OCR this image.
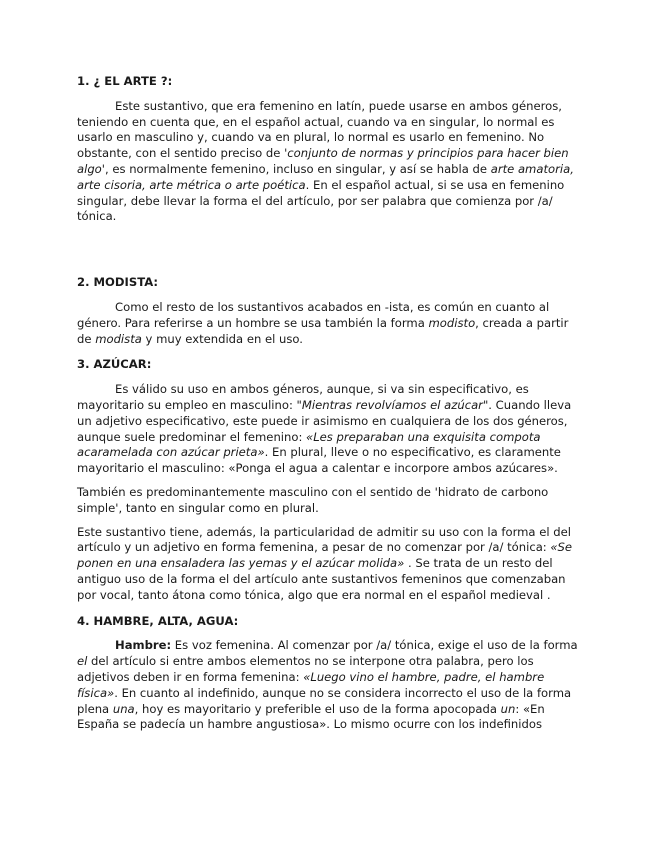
1. ¿ EL ARTE ?:

Este sustantivo, que era femenino en latín, puede usarse en ambos géneros, teniendo en cuenta que, en el español actual, cuando va en singular, lo normal es usarlo en masculino y, cuando va en plural, lo normal es usarlo en femenino. No obstante, con el sentido preciso de 'conjunto de normas y principios para hacer bien algo', es normalmente femenino, incluso en singular, y así se habla de arte amatoria, arte cisoria, arte métrica o arte poética. En el español actual, si se usa en femenino singular, debe llevar la forma el del artículo, por ser palabra que comienza por /a/ tónica.

2. MODISTA:

Como el resto de los sustantivos acabados en -ista, es común en cuanto al género. Para referirse a un hombre se usa también la forma modisto, creada a partir de modista y muy extendida en el uso.

3. AZÚCAR:

Es válido su uso en ambos géneros, aunque, si va sin especificativo, es mayoritario su empleo en masculino: "Mientras revolvíamos el azúcar". Cuando lleva un adjetivo especificativo, este puede ir asimismo en cualquiera de los dos géneros, aunque suele predominar el femenino: «Les preparaban una exquisita compota acaramelada con azúcar prieta». En plural, lleve o no especificativo, es claramente mayoritario el masculino: «Ponga el agua a calentar e incorpore ambos azúcares».

También es predominantemente masculino con el sentido de 'hidrato de carbono simple', tanto en singular como en plural.

Este sustantivo tiene, además, la particularidad de admitir su uso con la forma el del artículo y un adjetivo en forma femenina, a pesar de no comenzar por /a/ tónica: «Se ponen en una ensaladera las yemas y el azúcar molida» . Se trata de un resto del antiguo uso de la forma el del artículo ante sustantivos femeninos que comenzaban por vocal, tanto átona como tónica, algo que era normal en el español medieval .

4. HAMBRE, ALTA, AGUA:

Hambre: Es voz femenina. Al comenzar por /a/ tónica, exige el uso de la forma el del artículo si entre ambos elementos no se interpone otra palabra, pero los adjetivos deben ir en forma femenina: «Luego vino el hambre, padre, el hambre física». En cuanto al indefinido, aunque no se considera incorrecto el uso de la forma plena una, hoy es mayoritario y preferible el uso de la forma apocopada un: «En España se padecía un hambre angustiosa». Lo mismo ocurre con los indefinidos
